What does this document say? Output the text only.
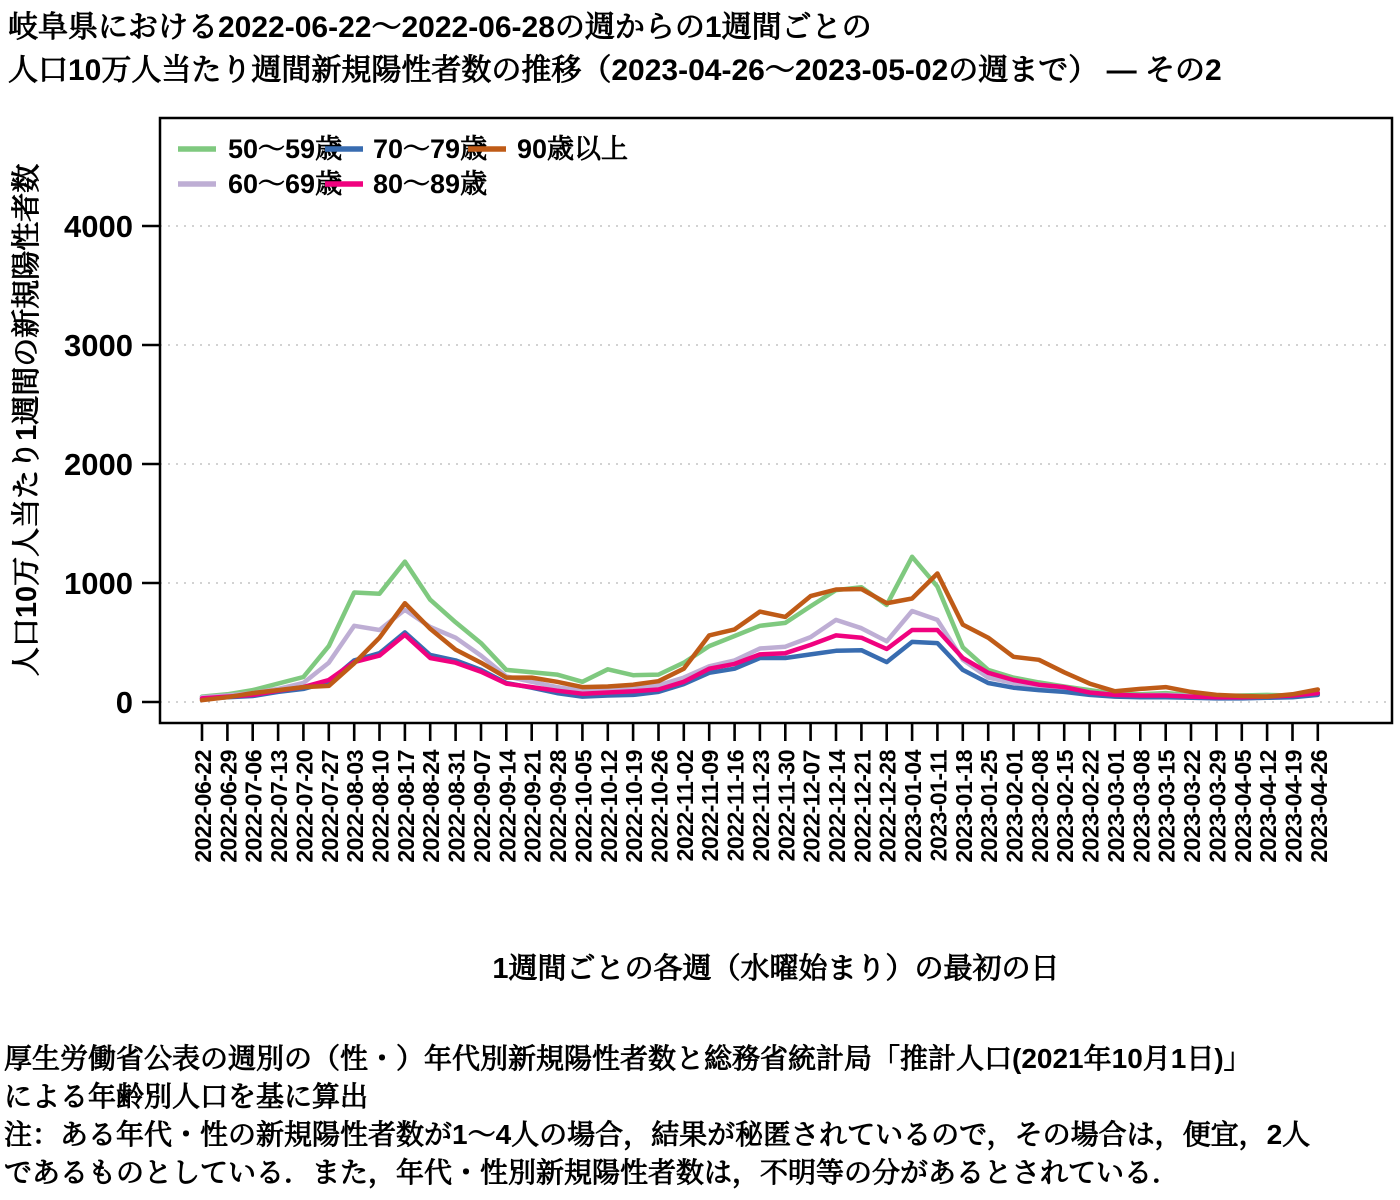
岐阜県における2022-06-22〜2022-06-28の週からの1週間ごとの
人口10万人当たり週間新規陽性者数の推移（2023-04-26〜2023-05-02の週まで） ― その2
0
1000
2000
3000
4000
2022-06-22 2022-06-29 2022-07-06 2022-07-13 2022-07-20 2022-07-27 2022-08-03 2022-08-10 2022-08-17 2022-08-24 2022-08-31 2022-09-07 2022-09-14 2022-09-21 2022-09-28 2022-10-05 2022-10-12 2022-10-19 2022-10-26 2022-11-02 2022-11-09 2022-11-16 2022-11-23 2022-11-30 2022-12-07 2022-12-14 2022-12-21 2022-12-28 2023-01-04 2023-01-11 2023-01-18 2023-01-25 2023-02-01 2023-02-08 2023-02-15 2023-02-22 2023-03-01 2023-03-08 2023-03-15 2023-03-22 2023-03-29 2023-04-05 2023-04-12 2023-04-19 2023-04-26
50〜59歳
60〜69歳
70〜79歳
80〜89歳
90歳以上
1週間ごとの各週（水曜始まり）の最初の日
人口10万人当たり1週間の新規陽性者数
厚生労働省公表の週別の（性・）年代別新規陽性者数と総務省統計局「推計人口(2021年10月1日)」
による年齢別人口を基に算出
注：ある年代・性の新規陽性者数が1〜4人の場合，結果が秘匿されているので，その場合は，便宜，2人
であるものとしている．また，年代・性別新規陽性者数は，不明等の分があるとされている．
